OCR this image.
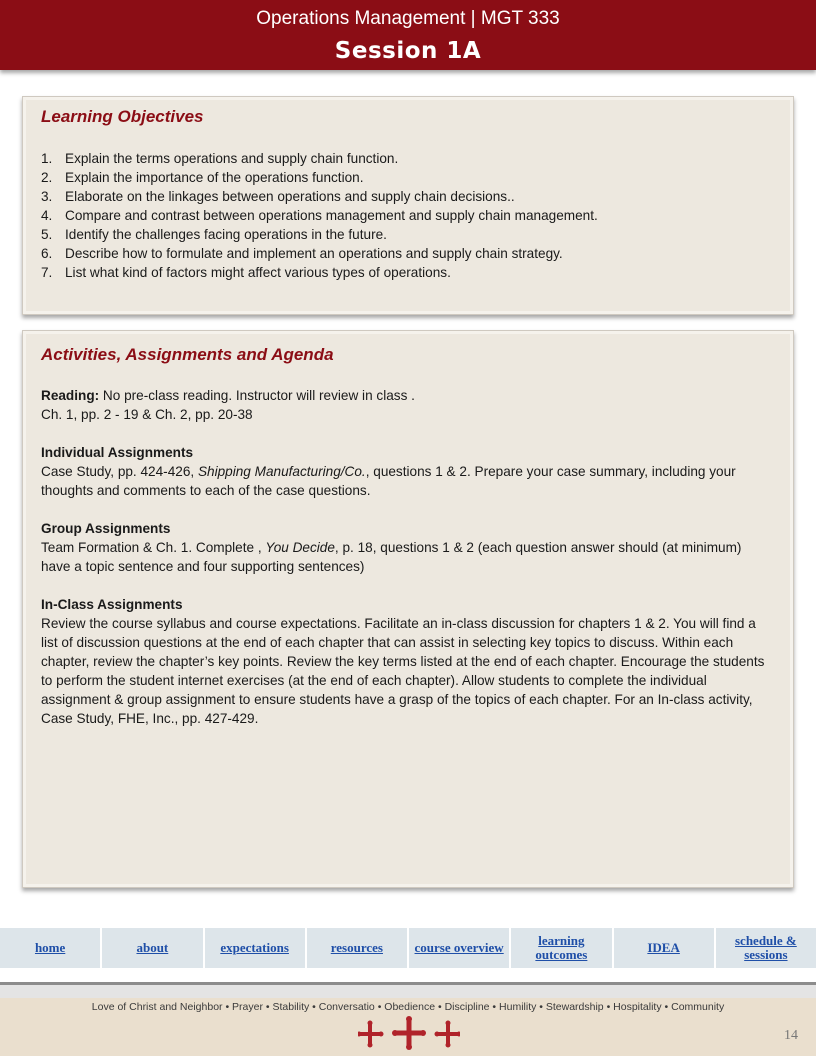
Operations Management | MGT 333
Session 1A
Learning Objectives
1. Explain the terms operations and supply chain function.
2. Explain the importance of the operations function.
3. Elaborate on the linkages between operations and supply chain decisions..
4. Compare and contrast between operations management and supply chain management.
5. Identify the challenges facing operations in the future.
6. Describe how to formulate and implement an operations and supply chain strategy.
7. List what kind of factors might affect various types of operations.
Activities, Assignments and Agenda

Reading: No pre-class reading. Instructor will review in class .

Ch. 1, pp. 2 - 19 & Ch. 2, pp. 20-38

Individual Assignments

Case Study, pp. 424-426, Shipping Manufacturing/Co., questions 1 & 2. Prepare your case summary, including your thoughts and comments to each of the case questions.

Group Assignments

Team Formation & Ch. 1. Complete , You Decide, p. 18, questions 1 & 2 (each question answer should (at minimum) have a topic sentence and four supporting sentences)

In-Class Assignments

Review the course syllabus and course expectations. Facilitate an in-class discussion for chapters 1 & 2. You will find a list of discussion questions at the end of each chapter that can assist in selecting key topics to discuss. Within each chapter, review the chapter’s key points. Review the key terms listed at the end of each chapter. Encourage the students to perform the student internet exercises (at the end of each chapter). Allow students to complete the individual assignment & group assignment to ensure students have a grasp of the topics of each chapter. For an In-class activity, Case Study, FHE, Inc., pp. 427-429.

home	about	expectations	resources	course overview	learning outcomes	IDEA	schedule & sessions
Love of Christ and Neighbor • Prayer • Stability • Conversatio • Obedience • Discipline • Humility • Stewardship • Hospitality • Community
14
